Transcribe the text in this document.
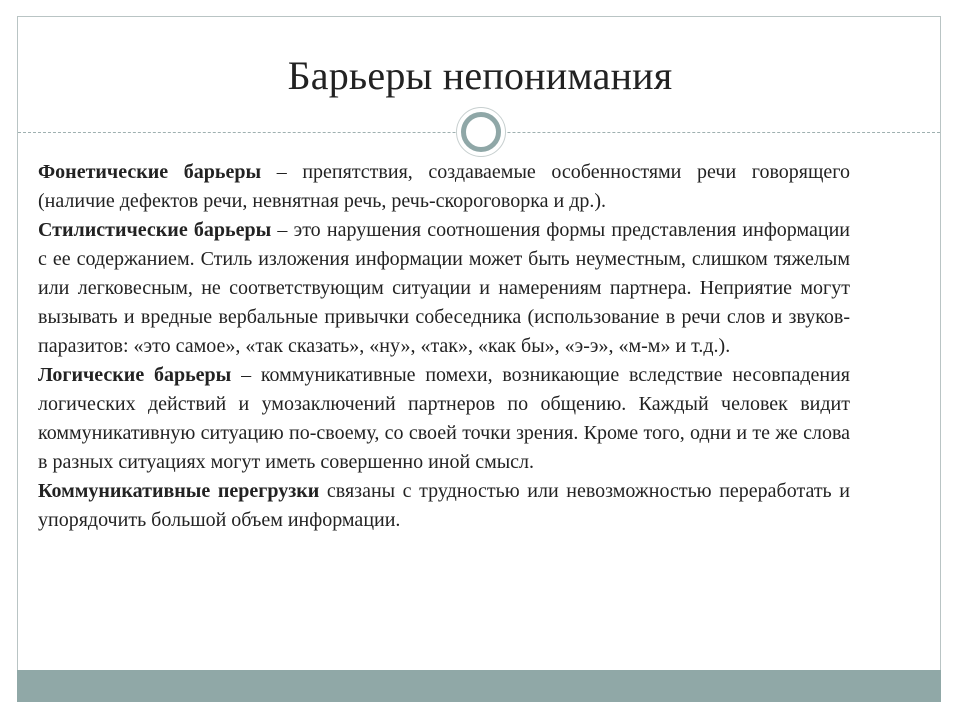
Барьеры непонимания

Фонетические барьеры – препятствия, создаваемые особенностями речи говорящего (наличие дефектов речи, невнятная речь, речь-скороговорка и др.).

Стилистические барьеры – это нарушения соотношения формы представления информации с ее содержанием. Стиль изложения информации может быть неуместным, слишком тяжелым или легковесным, не соответствующим ситуации и намерениям партнера. Неприятие могут вызывать и вредные вербальные привычки собеседника (использование в речи слов и звуков-паразитов: «это самое», «так сказать», «ну», «так», «как бы», «э-э», «м-м» и т.д.).

Логические барьеры – коммуникативные помехи, возникающие вследствие несовпадения логических действий и умозаключений партнеров по общению. Каждый человек видит коммуникативную ситуацию по-своему, со своей точки зрения. Кроме того, одни и те же слова в разных ситуациях могут иметь совершенно иной смысл.

Коммуникативные перегрузки связаны с трудностью или невозможностью переработать и упорядочить большой объем информации.
